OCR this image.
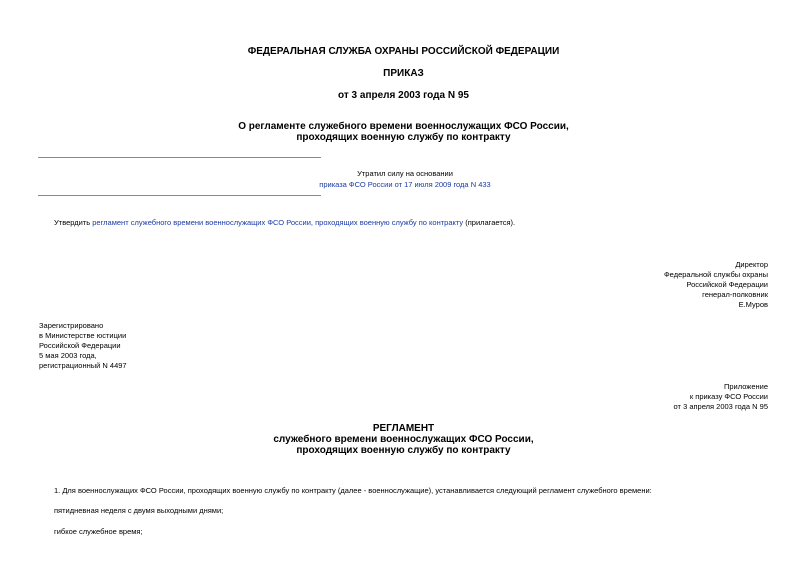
ФЕДЕРАЛЬНАЯ СЛУЖБА ОХРАНЫ РОССИЙСКОЙ ФЕДЕРАЦИИ
ПРИКАЗ
от 3 апреля 2003 года N 95
О регламенте служебного времени военнослужащих ФСО России,
проходящих военную службу по контракту
Утратил силу на основании
приказа ФСО России от 17 июля 2009 года N 433
Утвердить регламент служебного времени военнослужащих ФСО России, проходящих военную службу по контракту (прилагается).
Директор
Федеральной службы охраны
Российской Федерации
генерал-полковник
Е.Муров
Зарегистрировано
в Министерстве юстиции
Российской Федерации
5 мая 2003 года,
регистрационный N 4497
Приложение
к приказу ФСО России
от 3 апреля 2003 года N 95
РЕГЛАМЕНТ
служебного времени военнослужащих ФСО России,
проходящих военную службу по контракту
1. Для военнослужащих ФСО России, проходящих военную службу по контракту (далее - военнослужащие), устанавливается следующий регламент служебного времени:
пятидневная неделя с двумя выходными днями;
гибкое служебное время;
